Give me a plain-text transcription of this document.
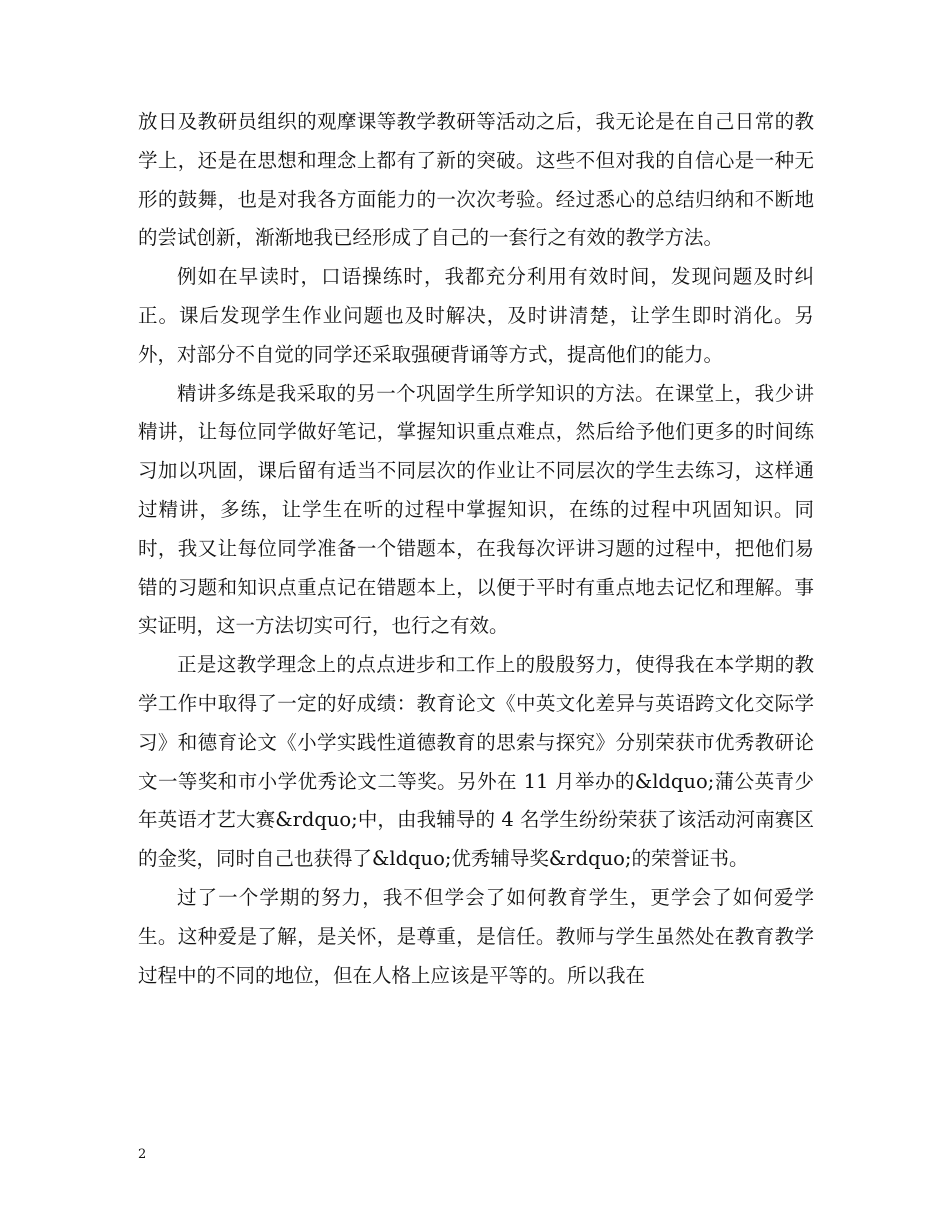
放日及教研员组织的观摩课等教学教研等活动之后，我无论是在自己日常的教学上，还是在思想和理念上都有了新的突破。这些不但对我的自信心是一种无形的鼓舞，也是对我各方面能力的一次次考验。经过悉心的总结归纳和不断地的尝试创新，渐渐地我已经形成了自己的一套行之有效的教学方法。

例如在早读时，口语操练时，我都充分利用有效时间，发现问题及时纠正。课后发现学生作业问题也及时解决，及时讲清楚，让学生即时消化。另外，对部分不自觉的同学还采取强硬背诵等方式，提高他们的能力。

精讲多练是我采取的另一个巩固学生所学知识的方法。在课堂上，我少讲精讲，让每位同学做好笔记，掌握知识重点难点，然后给予他们更多的时间练习加以巩固，课后留有适当不同层次的作业让不同层次的学生去练习，这样通过精讲，多练，让学生在听的过程中掌握知识，在练的过程中巩固知识。同时，我又让每位同学准备一个错题本，在我每次评讲习题的过程中，把他们易错的习题和知识点重点记在错题本上，以便于平时有重点地去记忆和理解。事实证明，这一方法切实可行，也行之有效。

正是这教学理念上的点点进步和工作上的殷殷努力，使得我在本学期的教学工作中取得了一定的好成绩：教育论文《中英文化差异与英语跨文化交际学习》和德育论文《小学实践性道德教育的思索与探究》分别荣获市优秀教研论文一等奖和市小学优秀论文二等奖。另外在 11 月举办的&ldquo;蒲公英青少年英语才艺大赛&rdquo;中，由我辅导的 4 名学生纷纷荣获了该活动河南赛区的金奖，同时自己也获得了&ldquo;优秀辅导奖&rdquo;的荣誉证书。

过了一个学期的努力，我不但学会了如何教育学生，更学会了如何爱学生。这种爱是了解，是关怀，是尊重，是信任。教师与学生虽然处在教育教学过程中的不同的地位，但在人格上应该是平等的。所以我在

2
